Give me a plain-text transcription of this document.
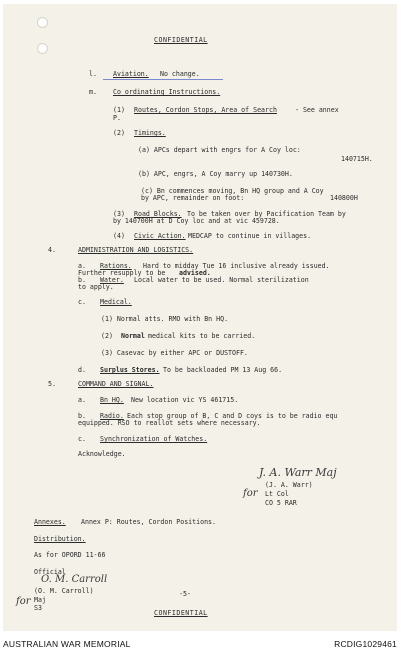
CONFIDENTIAL
l. Aviation. No change.
m. Co ordinating Instructions.
(1) Routes, Cordon Stops, Area of Search	- See annex
P.
(2) Timings.
(a) APCs depart with engrs for A Coy loc:
140715H.
(b) APC, engrs, A Coy marry up 140730H.
(c) Bn commences moving, Bn HQ group and A Coy
by APC, remainder on foot:	140800H
(3) Road Blocks. To be taken over by Pacification Team by
by 140700H at D Coy loc and at vic 459728.
(4) Civic Action. MEDCAP to continue in villages.
4.	ADMINISTRATION AND LOGISTICS.
a. Rations. Hard to midday Tue 16 inclusive already issued.
Further resupply to be advised.
b. Water. Local water to be used. Normal sterilization
to apply.
c. Medical.
(1) Normal atts. RMO with Bn HQ.
(2) Normal medical kits to be carried.
(3) Casevac by either APC or DUSTOFF.
d. Surplus Stores. To be backloaded PM 13 Aug 66.
5.	COMMAND AND SIGNAL.
a. Bn HQ. New location vic YS 461715.
b. Radio. Each stop group of B, C and D coys is to be radio equ
equipped. RSO to reallot sets where necessary.
c. Synchronization of Watches.
Acknowledge.
J. A. Warr Maj
for
(J. A. Warr)
Lt Col
CO 5 RAR
Annexes. Annex P: Routes, Cordon Positions.
Distribution.
As for OPORD 11-66
Official
O. M. Carroll
(O. M. Carroll)
Maj
S3
for
-5-
CONFIDENTIAL
AUSTRALIAN WAR MEMORIAL	RCDIG1029461
